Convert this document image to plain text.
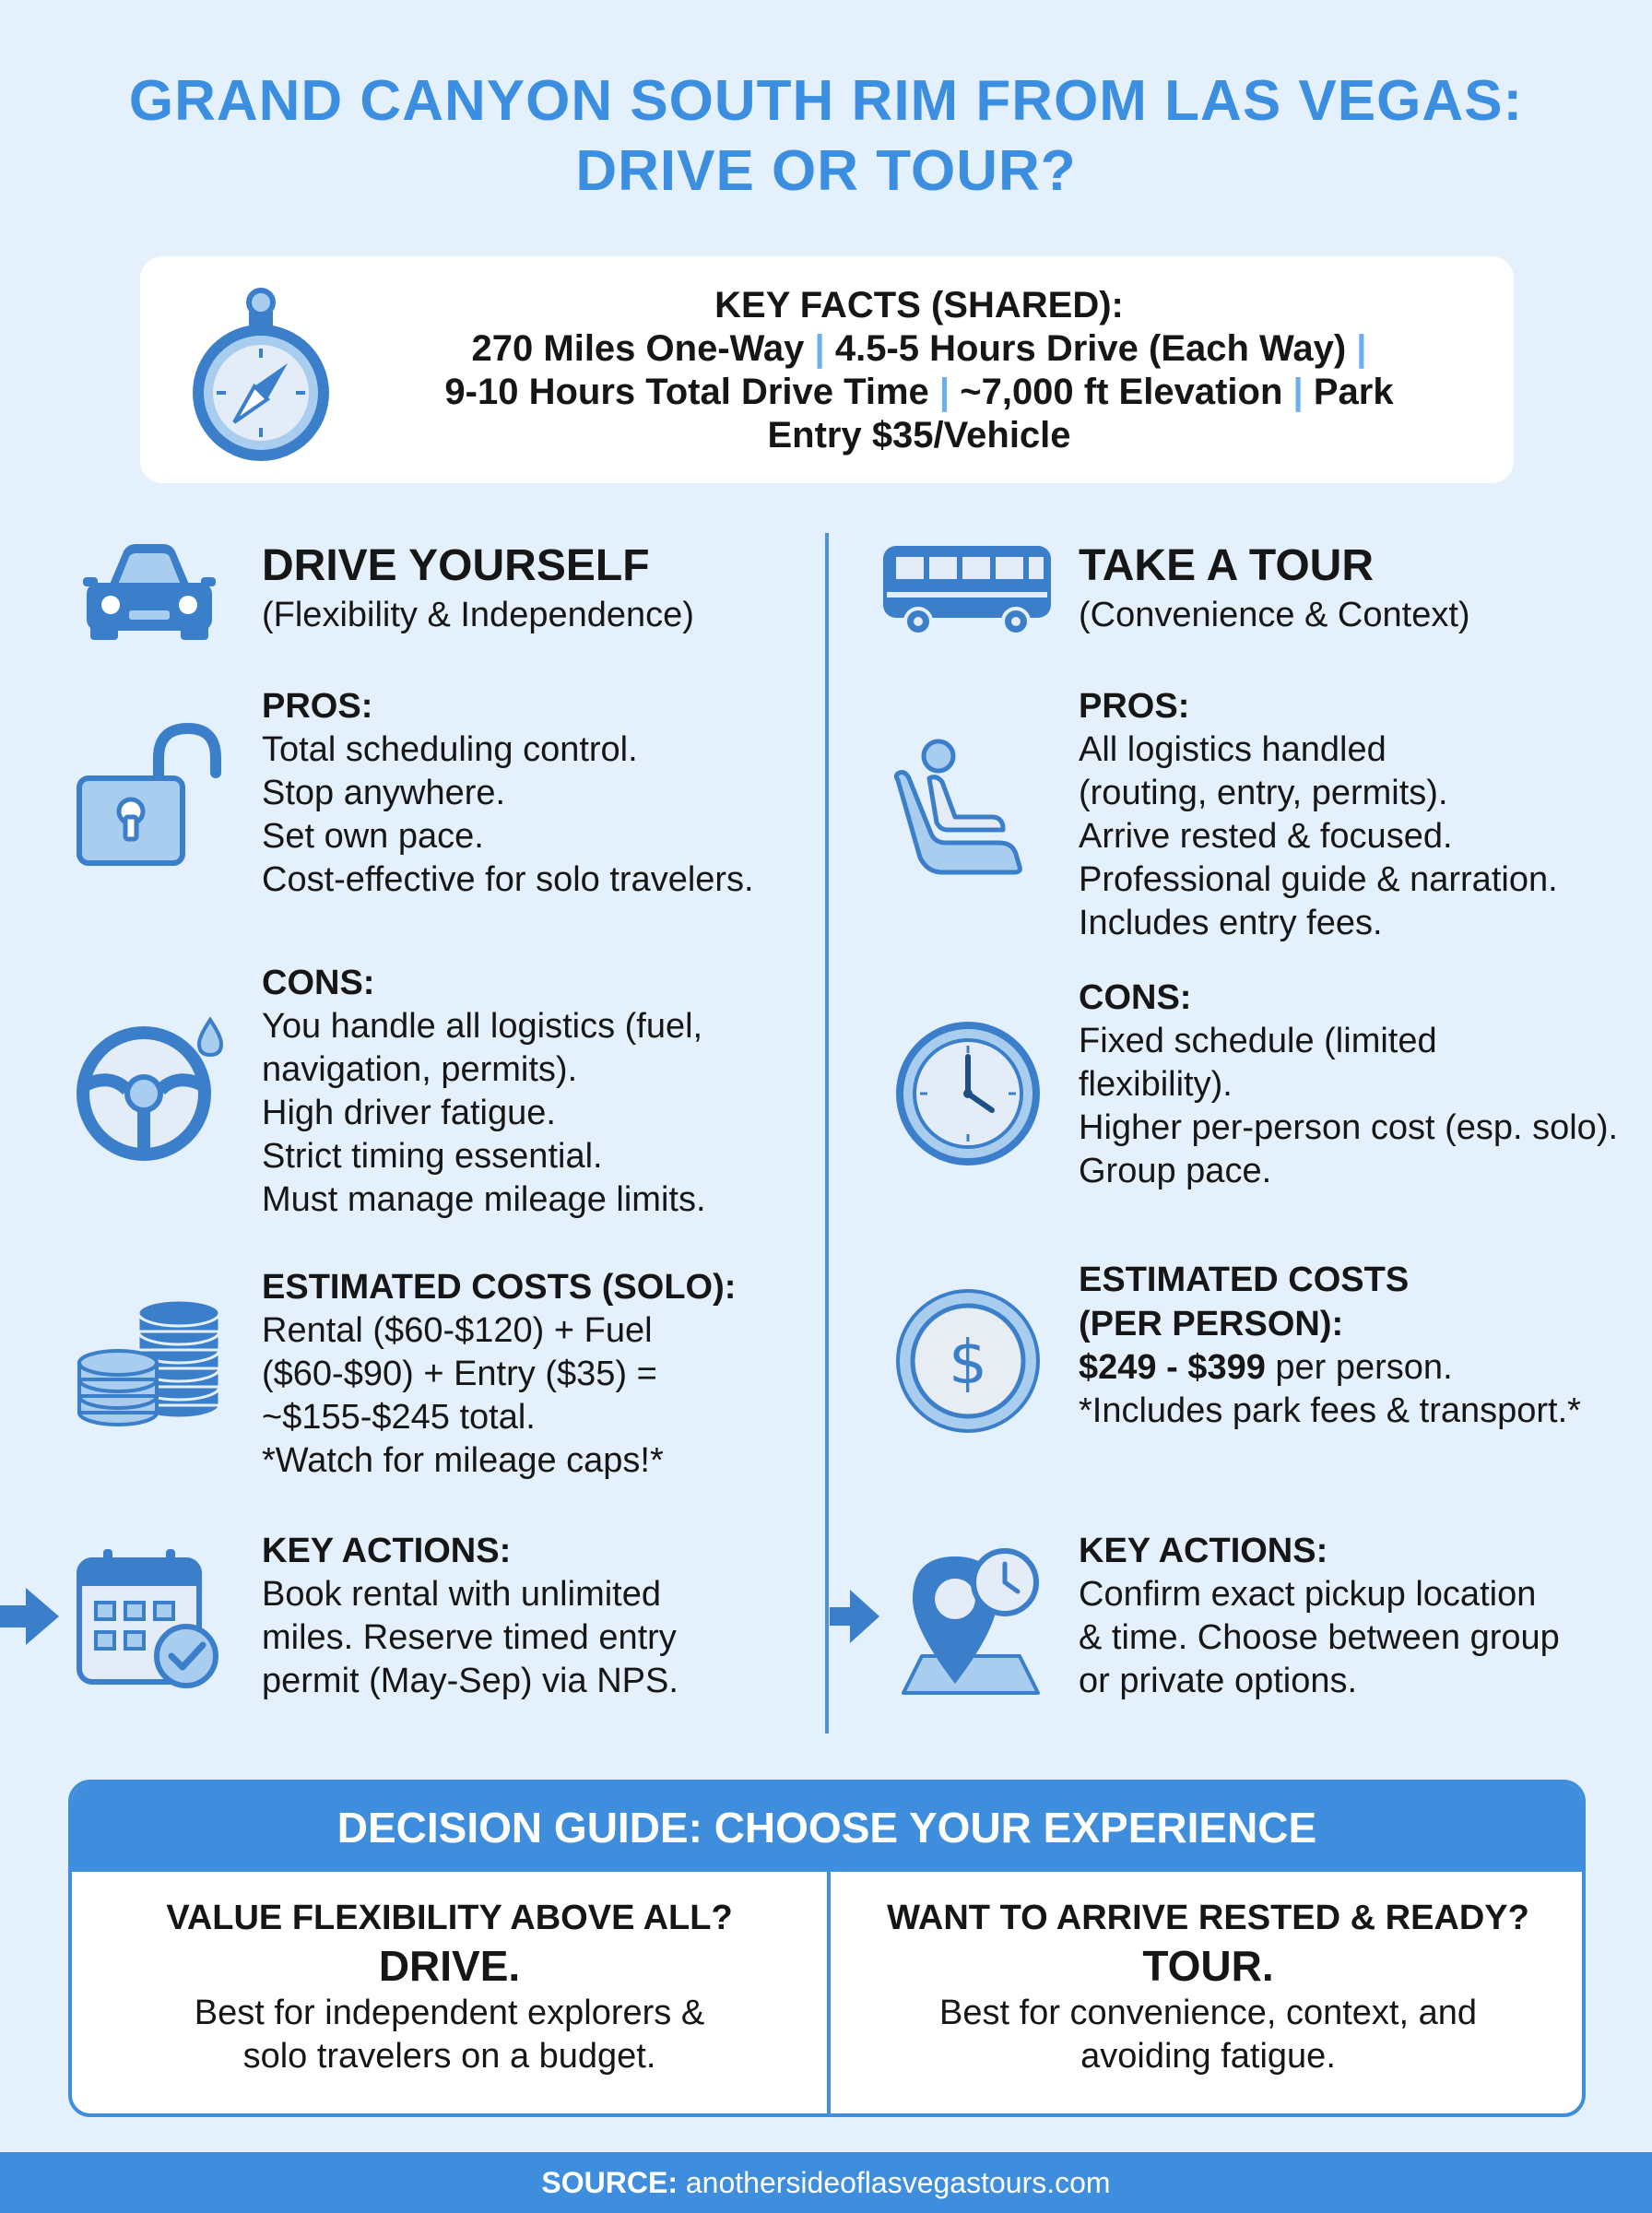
GRAND CANYON SOUTH RIM FROM LAS VEGAS:
DRIVE OR TOUR?
KEY FACTS (SHARED):
270 Miles One-Way | 4.5-5 Hours Drive (Each Way) |
9-10 Hours Total Drive Time | ~7,000 ft Elevation | Park
Entry $35/Vehicle
DRIVE YOURSELF
(Flexibility & Independence)
TAKE A TOUR
(Convenience & Context)
PROS:
Total scheduling control.
Stop anywhere.
Set own pace.
Cost-effective for solo travelers.
PROS:
All logistics handled
(routing, entry, permits).
Arrive rested & focused.
Professional guide & narration.
Includes entry fees.
CONS:
You handle all logistics (fuel,
navigation, permits).
High driver fatigue.
Strict timing essential.
Must manage mileage limits.
CONS:
Fixed schedule (limited
flexibility).
Higher per-person cost (esp. solo).
Group pace.
ESTIMATED COSTS (SOLO):
Rental ($60-$120) + Fuel
($60-$90) + Entry ($35) =
~$155-$245 total.
*Watch for mileage caps!*
$
ESTIMATED COSTS
(PER PERSON):
$249 - $399 per person.
*Includes park fees & transport.*
KEY ACTIONS:
Book rental with unlimited
miles. Reserve timed entry
permit (May-Sep) via NPS.
KEY ACTIONS:
Confirm exact pickup location
& time. Choose between group
or private options.
DECISION GUIDE: CHOOSE YOUR EXPERIENCE
VALUE FLEXIBILITY ABOVE ALL?
DRIVE.
Best for independent explorers &
solo travelers on a budget.
WANT TO ARRIVE RESTED & READY?
TOUR.
Best for convenience, context, and
avoiding fatigue.
SOURCE: anothersideoflasvegastours.com
